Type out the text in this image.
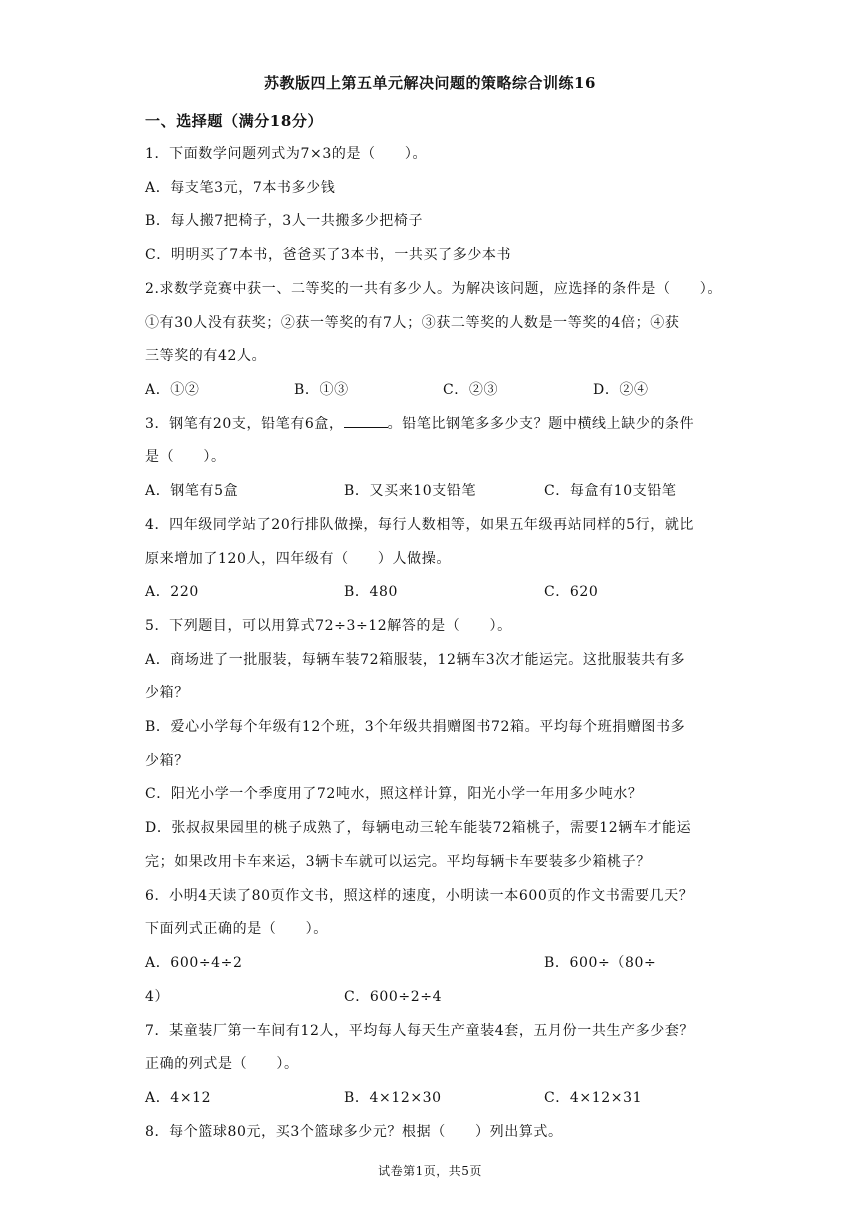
苏教版四上第五单元解决问题的策略综合训练16
一、选择题（满分18分）
1．下面数学问题列式为7×3的是（　　）。
A．每支笔3元，7本书多少钱
B．每人搬7把椅子，3人一共搬多少把椅子
C．明明买了7本书，爸爸买了3本书，一共买了多少本书
2.求数学竞赛中获一、二等奖的一共有多少人。为解决该问题，应选择的条件是（　　）。
①有30人没有获奖；②获一等奖的有7人；③获二等奖的人数是一等奖的4倍；④获
三等奖的有42人。
A．①②	B．①③	C．②③	D．②④
3．钢笔有20支，铅笔有6盒，	。铅笔比钢笔多多少支？题中横线上缺少的条件
是（　　）。
A．钢笔有5盒	B．又买来10支铅笔	C．每盒有10支铅笔
4．四年级同学站了20行排队做操，每行人数相等，如果五年级再站同样的5行，就比
原来增加了120人，四年级有（　　）人做操。
A．220	B．480	C．620
5．下列题目，可以用算式72÷3÷12解答的是（　　）。
A．商场进了一批服装，每辆车装72箱服装，12辆车3次才能运完。这批服装共有多
少箱？
B．爱心小学每个年级有12个班，3个年级共捐赠图书72箱。平均每个班捐赠图书多
少箱？
C．阳光小学一个季度用了72吨水，照这样计算，阳光小学一年用多少吨水？
D．张叔叔果园里的桃子成熟了，每辆电动三轮车能装72箱桃子，需要12辆车才能运
完；如果改用卡车来运，3辆卡车就可以运完。平均每辆卡车要装多少箱桃子？
6．小明4天读了80页作文书，照这样的速度，小明读一本600页的作文书需要几天？
下面列式正确的是（　　）。
A．600÷4÷2	B．600÷（80÷
4）	C．600÷2÷4
7．某童装厂第一车间有12人，平均每人每天生产童装4套，五月份一共生产多少套？
正确的列式是（　　）。
A．4×12	B．4×12×30	C．4×12×31
8．每个篮球80元，买3个篮球多少元？根据（　　）列出算式。
试卷第1页，共5页
